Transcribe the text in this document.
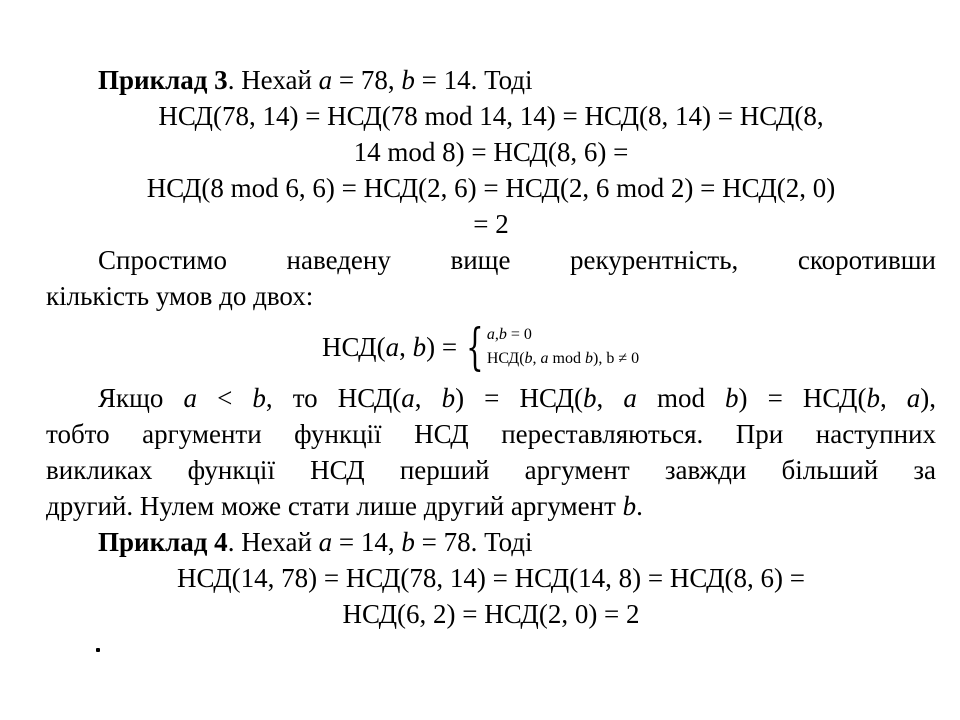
Приклад 3. Нехай a = 78, b = 14. Тоді

НСД(78, 14) = НСД(78 mod 14, 14) = НСД(8, 14) = НСД(8,

14 mod 8) = НСД(8, 6) =

НСД(8 mod 6, 6) = НСД(2, 6) = НСД(2, 6 mod 2) = НСД(2, 0)

= 2

Спростимо наведену вище рекурентність, скоротивши

кількість умов до двох:

НСД(a, b) = { a,b = 0
НСД(b, a mod b), b ≠ 0

Якщо a < b, то НСД(a, b) = НСД(b, a mod b) = НСД(b, a),

тобто аргументи функції НСД переставляються. При наступних

викликах функції НСД перший аргумент завжди більший за

другий. Нулем може стати лише другий аргумент b.

Приклад 4. Нехай a = 14, b = 78. Тоді

НСД(14, 78) = НСД(78, 14) = НСД(14, 8) = НСД(8, 6) =

НСД(6, 2) = НСД(2, 0) = 2
